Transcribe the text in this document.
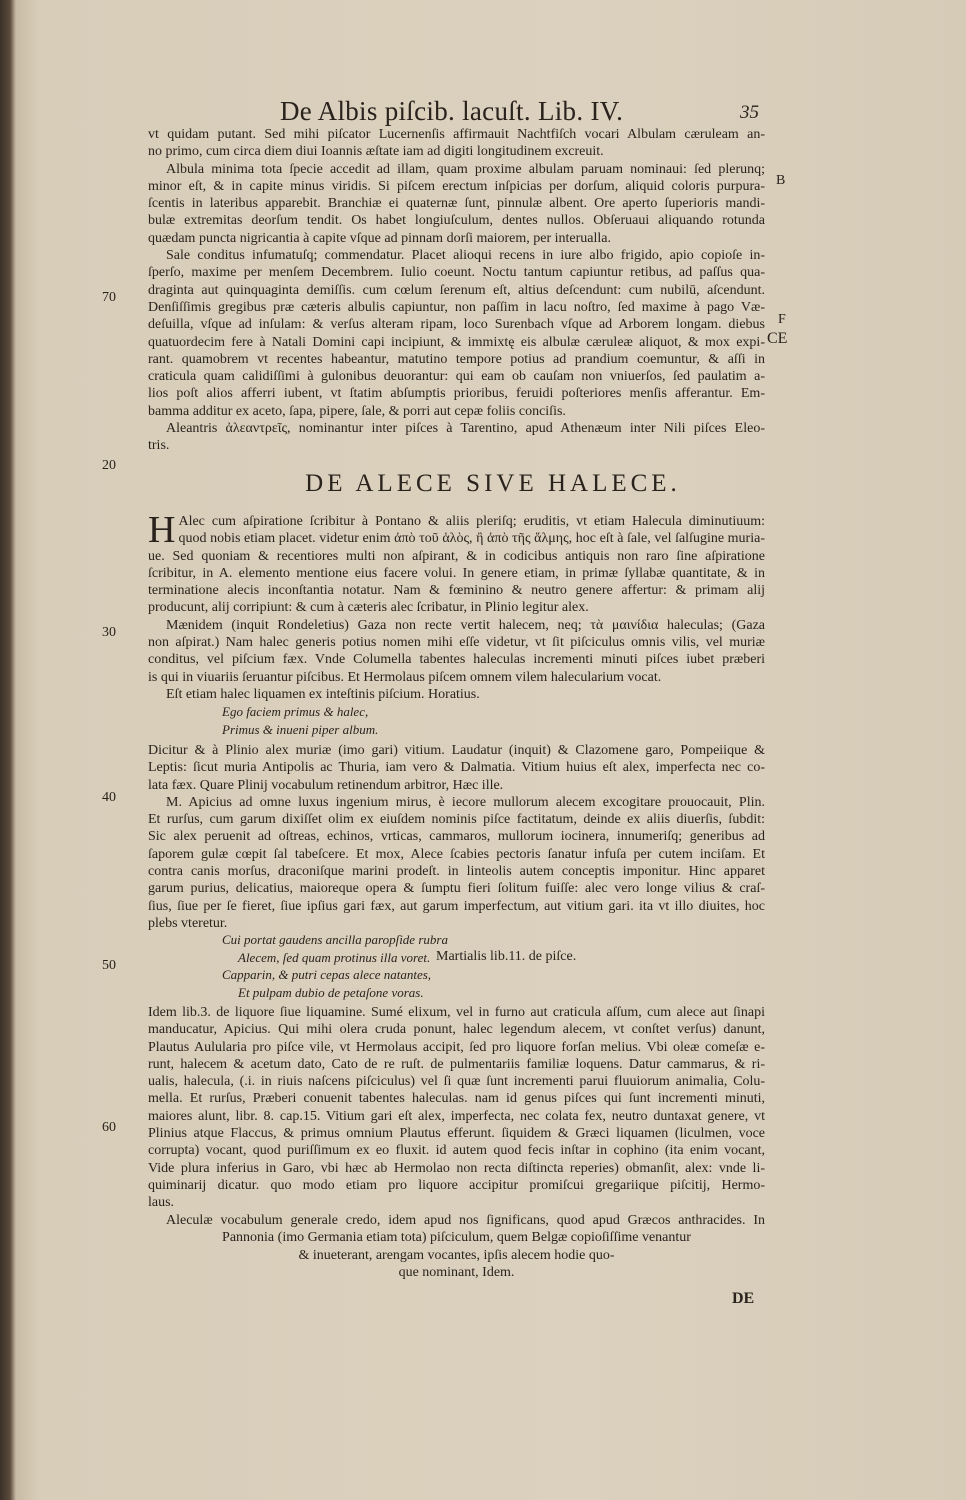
De Albis piſcib. lacuſt. Lib. IV.	35
vt quidam putant. Sed mihi piſcator Lucernenſis affirmauit Nachtfiſch vocari Albulam cæruleam an-
no primo, cum circa diem diui Ioannis æſtate iam ad digiti longitudinem excreuit.
Albula minima tota ſpecie accedit ad illam, quam proxime albulam paruam nominaui: ſed plerunq;
minor eſt, & in capite minus viridis. Si piſcem erectum inſpicias per dorſum, aliquid coloris purpura-
ſcentis in lateribus apparebit. Branchiæ ei quaternæ ſunt, pinnulæ albent. Ore aperto ſuperioris mandi-
bulæ extremitas deorſum tendit. Os habet longiuſculum, dentes nullos. Obſeruaui aliquando rotunda
quædam puncta nigricantia à capite vſque ad pinnam dorſi maiorem, per interualla.
Sale conditus infumatuſq; commendatur. Placet alioqui recens in iure albo frigido, apio copioſe in-
ſperſo, maxime per menſem Decembrem. Iulio coeunt. Noctu tantum capiuntur retibus, ad paſſus qua-
draginta aut quinquaginta demiſſis. cum cœlum ſerenum eſt, altius deſcendunt: cum nubilū, aſcendunt.
Denſiſſimis gregibus præ cæteris albulis capiuntur, non paſſim in lacu noſtro, ſed maxime à pago Væ-
deſuilla, vſque ad inſulam: & verſus alteram ripam, loco Surenbach vſque ad Arborem longam. diebus
quatuordecim fere à Natali Domini capi incipiunt, & immixtę eis albulæ cæruleæ aliquot, & mox expi-
rant. quamobrem vt recentes habeantur, matutino tempore potius ad prandium coemuntur, & aſſi in
craticula quam calidiſſimi à gulonibus deuorantur: qui eam ob cauſam non vniuerſos, ſed paulatim a-
lios poſt alios afferri iubent, vt ſtatim abſumptis prioribus, feruidi poſteriores menſis afferantur. Em-
bamma additur ex aceto, ſapa, pipere, ſale, & porri aut cepæ foliis conciſis.
Aleantris ἀλεαντρεῖς, nominantur inter piſces à Tarentino, apud Athenæum inter Nili piſces Eleo-
tris.
B
F
CE
70
20
30
40
50
60
DE ALECE SIVE HALECE.
H Alec cum aſpiratione ſcribitur à Pontano & aliis pleriſq; eruditis, vt etiam Halecula diminutiuum:
quod nobis etiam placet. videtur enim ἀπὸ τοῦ ἁλὸς, ἢ ἀπὸ τῆς ἅλμης, hoc eſt à ſale, vel ſalſugine muria-
ue. Sed quoniam & recentiores multi non aſpirant, & in codicibus antiquis non raro ſine aſpiratione
ſcribitur, in A. elemento mentione eius facere volui. In genere etiam, in primæ ſyllabæ quantitate, & in
terminatione alecis inconſtantia notatur. Nam & fœminino & neutro genere affertur: & primam alij
producunt, alij corripiunt: & cum à cæteris alec ſcribatur, in Plinio legitur alex.
Mænidem (inquit Rondeletius) Gaza non recte vertit halecem, neq; τὰ μαινίδια haleculas; (Gaza
non aſpirat.) Nam halec generis potius nomen mihi eſſe videtur, vt ſit piſciculus omnis vilis, vel muriæ
conditus, vel piſcium fæx. Vnde Columella tabentes haleculas incrementi minuti piſces iubet præberi
is qui in viuariis ſeruantur piſcibus. Et Hermolaus piſcem omnem vilem halecularium vocat.
Eſt etiam halec liquamen ex inteſtinis piſcium. Horatius.
Ego faciem primus & halec,
Primus & inueni piper album.
Dicitur & à Plinio alex muriæ (imo gari) vitium. Laudatur (inquit) & Clazomene garo, Pompeiique &
Leptis: ſicut muria Antipolis ac Thuria, iam vero & Dalmatia. Vitium huius eſt alex, imperfecta nec co-
lata fæx. Quare Plinij vocabulum retinendum arbitror, Hæc ille.
M. Apicius ad omne luxus ingenium mirus, è iecore mullorum alecem excogitare prouocauit, Plin.
Et rurſus, cum garum dixiſſet olim ex eiuſdem nominis piſce factitatum, deinde ex aliis diuerſis, ſubdit:
Sic alex peruenit ad oſtreas, echinos, vrticas, cammaros, mullorum iocinera, innumeriſq; generibus ad
ſaporem gulæ cœpit ſal tabeſcere. Et mox, Alece ſcabies pectoris ſanatur infuſa per cutem inciſam. Et
contra canis morſus, draconiſque marini prodeſt. in linteolis autem conceptis imponitur. Hinc apparet
garum purius, delicatius, maioreque opera & ſumptu fieri ſolitum fuiſſe: alec vero longe vilius & craſ-
ſius, ſiue per ſe fieret, ſiue ipſius gari fæx, aut garum imperfectum, aut vitium gari. ita vt illo diuites, hoc
plebs vteretur.
Cui portat gaudens ancilla paropſide rubra
Alecem, ſed quam protinus illa voret.
Capparin, & putri cepas alece natantes,
Et pulpam dubio de petaſone voras.
Martialis lib.11. de piſce.
Idem lib.3. de liquore ſiue liquamine. Sumé elixum, vel in furno aut craticula aſſum, cum alece aut ſinapi
manducatur, Apicius. Qui mihi olera cruda ponunt, halec legendum alecem, vt conſtet verſus) danunt,
Plautus Aulularia pro piſce vile, vt Hermolaus accipit, ſed pro liquore forſan melius. Vbi oleæ comeſæ e-
runt, halecem & acetum dato, Cato de re ruſt. de pulmentariis familiæ loquens. Datur cammarus, & ri-
ualis, halecula, (.i. in riuis naſcens piſciculus) vel ſi quæ ſunt incrementi parui fluuiorum animalia, Colu-
mella. Et rurſus, Præberi conuenit tabentes haleculas. nam id genus piſces qui ſunt incrementi minuti,
maiores alunt, libr. 8. cap.15. Vitium gari eſt alex, imperfecta, nec colata fex, neutro duntaxat genere, vt
Plinius atque Flaccus, & primus omnium Plautus efferunt. ſiquidem & Græci liquamen (liculmen, voce
corrupta) vocant, quod puriſſimum ex eo fluxit. id autem quod fecis inſtar in cophino (ita enim vocant,
Vide plura inferius in Garo, vbi hæc ab Hermolao non recta diſtincta reperies) obmanſit, alex: vnde li-
quiminarij dicatur. quo modo etiam pro liquore accipitur promiſcui gregariique piſcitij, Hermo-
laus.
Aleculæ vocabulum generale credo, idem apud nos ſignificans, quod apud Græcos anthracides. In
Pannonia (imo Germania etiam tota) piſciculum, quem Belgæ copioſiſſime venantur
& inueterant, arengam vocantes, ipſis alecem hodie quo-
que nominant, Idem.
DE
